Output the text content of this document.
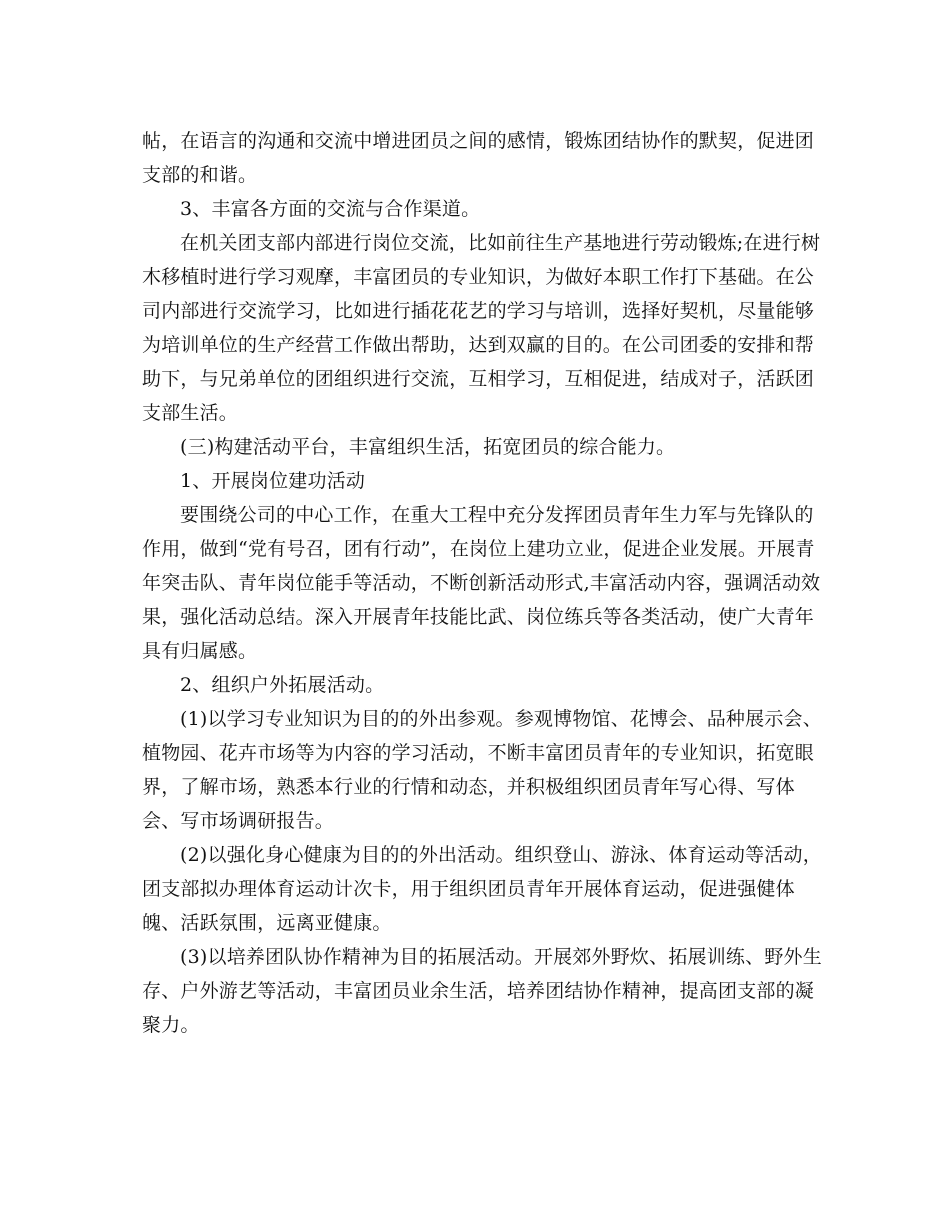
帖，在语言的沟通和交流中增进团员之间的感情，锻炼团结协作的默契，促进团
支部的和谐。

3、丰富各方面的交流与合作渠道。

在机关团支部内部进行岗位交流，比如前往生产基地进行劳动锻炼;在进行树
木移植时进行学习观摩，丰富团员的专业知识，为做好本职工作打下基础。在公
司内部进行交流学习，比如进行插花花艺的学习与培训，选择好契机，尽量能够
为培训单位的生产经营工作做出帮助，达到双赢的目的。在公司团委的安排和帮
助下，与兄弟单位的团组织进行交流，互相学习，互相促进，结成对子，活跃团
支部生活。

(三)构建活动平台，丰富组织生活，拓宽团员的综合能力。

1、开展岗位建功活动

要围绕公司的中心工作，在重大工程中充分发挥团员青年生力军与先锋队的
作用，做到“党有号召，团有行动”，在岗位上建功立业，促进企业发展。开展青
年突击队、青年岗位能手等活动，不断创新活动形式,丰富活动内容，强调活动效
果，强化活动总结。深入开展青年技能比武、岗位练兵等各类活动，使广大青年
具有归属感。

2、组织户外拓展活动。

(1)以学习专业知识为目的的外出参观。参观博物馆、花博会、品种展示会、
植物园、花卉市场等为内容的学习活动，不断丰富团员青年的专业知识，拓宽眼
界，了解市场，熟悉本行业的行情和动态，并积极组织团员青年写心得、写体
会、写市场调研报告。

(2)以强化身心健康为目的的外出活动。组织登山、游泳、体育运动等活动，
团支部拟办理体育运动计次卡，用于组织团员青年开展体育运动，促进强健体
魄、活跃氛围，远离亚健康。

(3)以培养团队协作精神为目的拓展活动。开展郊外野炊、拓展训练、野外生
存、户外游艺等活动，丰富团员业余生活，培养团结协作精神，提高团支部的凝
聚力。
